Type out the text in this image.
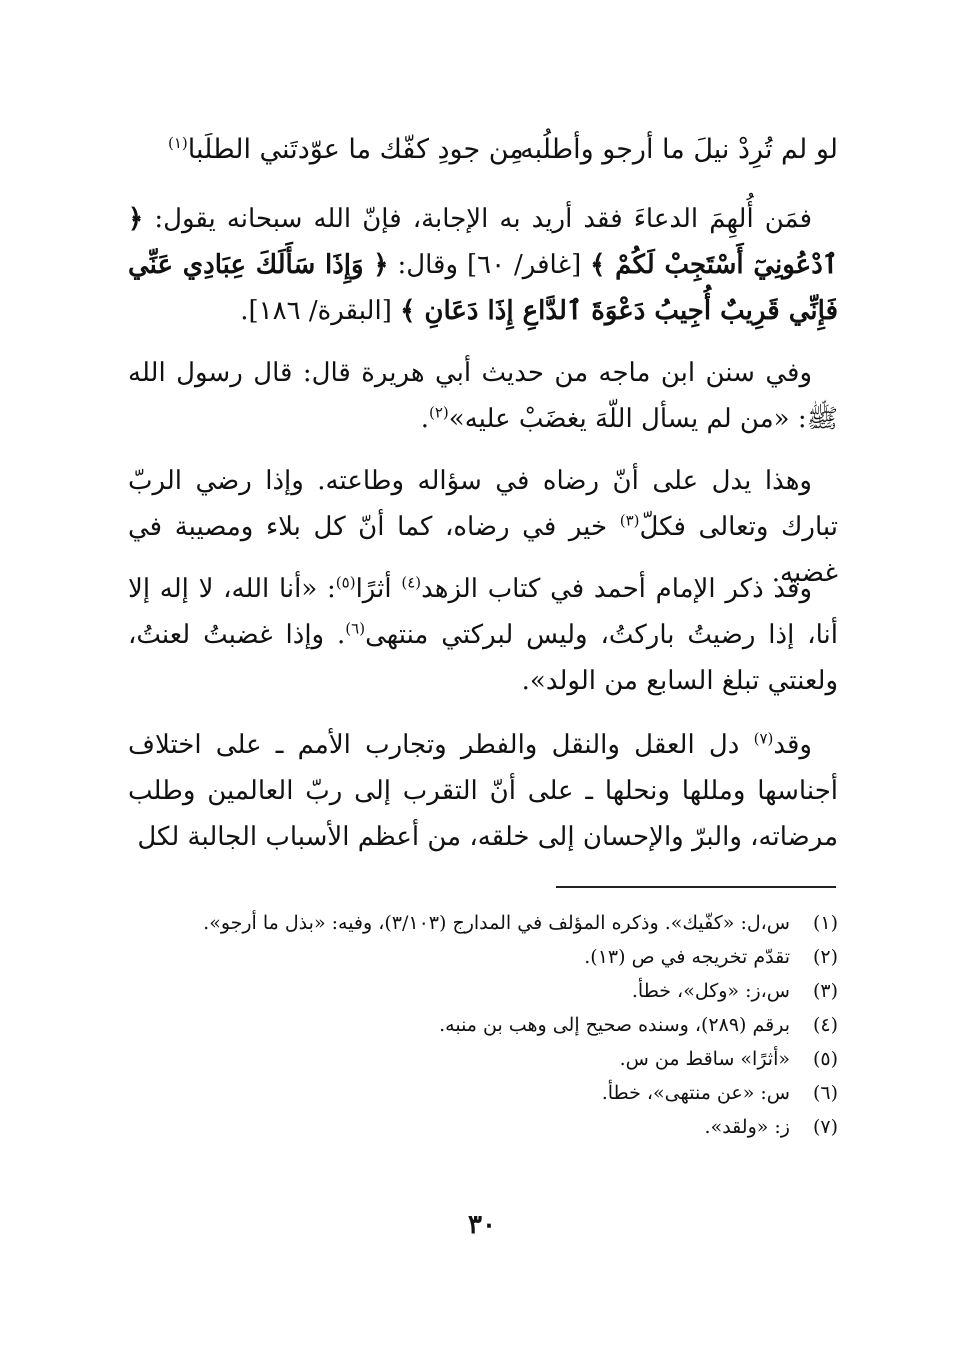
لو لم تُرِدْ نيلَ ما أرجو وأطلُبه
مِن جودِ كفّك ما عوّدتَني الطلَبا$^{(١)}$

 فمَن أُلهِمَ الدعاءَ فقد أريد به الإجابة، فإنّ الله سبحانه يقول: ﴿ ٱدْعُونِيٓ أَسْتَجِبْ لَكُمْ ﴾ [غافر/ ٦٠] وقال: ﴿ وَإِذَا سَأَلَكَ عِبَادِي عَنِّي فَإِنِّي قَرِيبٌ أُجِيبُ دَعْوَةَ ٱلدَّاعِ إِذَا دَعَانِ ﴾ [البقرة/ ١٨٦].

 وفي سنن ابن ماجه من حديث أبي هريرة قال: قال رسول الله ﷺ: «من لم يسأل اللّهَ يغضَبْ عليه»$^{(٢)}$.

 وهذا يدل على أنّ رضاه في سؤاله وطاعته. وإذا رضي الربّ تبارك وتعالى فكلّ$^{(٣)}$ خير في رضاه، كما أنّ كل بلاء ومصيبة في غضبه.

 وقد ذكر الإمام أحمد في كتاب الزهد$^{(٤)}$ أثرًا$^{(٥)}$: «أنا الله، لا إله إلا أنا، إذا رضيتُ باركتُ، وليس لبركتي منتهى$^{(٦)}$. وإذا غضبتُ لعنتُ، ولعنتي تبلغ السابع من الولد».

 وقد$^{(٧)}$ دل العقل والنقل والفطر وتجارب الأمم ـ على اختلاف أجناسها ومللها ونحلها ـ على أنّ التقرب إلى ربّ العالمين وطلب مرضاته، والبرّ والإحسان إلى خلقه، من أعظم الأسباب الجالبة لكل

(١)
س،ل: «كفّيك». وذكره المؤلف في المدارج (٣/١٠٣)، وفيه: «بذل ما أرجو».
(٢)
تقدّم تخريجه في ص (١٣).
(٣)
س،ز: «وكل»، خطأ.
(٤)
برقم (٢٨٩)، وسنده صحيح إلى وهب بن منبه.
(٥)
«أثرًا» ساقط من س.
(٦)
س: «عن منتهى»، خطأ.
(٧)
ز: «ولقد».
٣٠
